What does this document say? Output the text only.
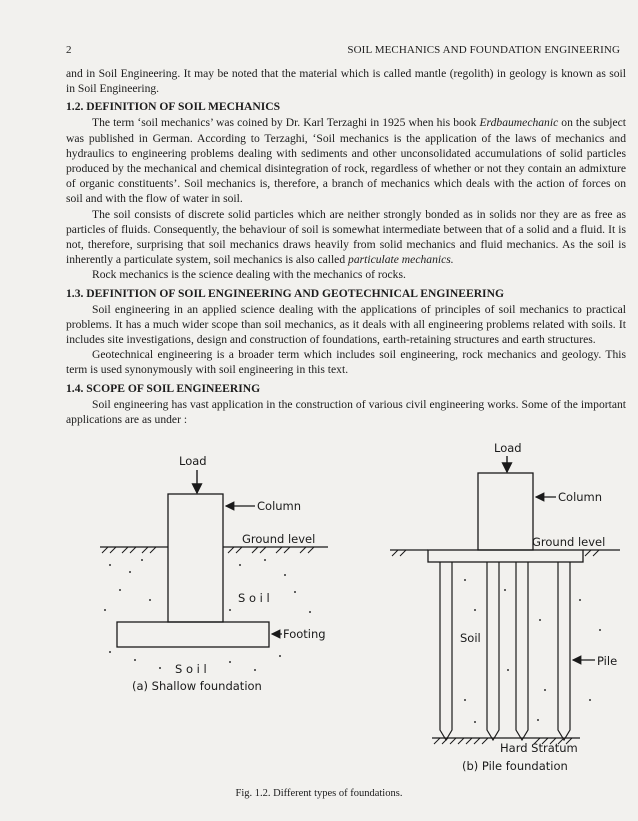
2	SOIL MECHANICS AND FOUNDATION ENGINEERING

and in Soil Engineering. It may be noted that the material which is called mantle (regolith) in geology is known as soil in Soil Engineering.

1.2. DEFINITION OF SOIL MECHANICS

The term ‘soil mechanics’ was coined by Dr. Karl Terzaghi in 1925 when his book Erdbaumechanic on the subject was published in German. According to Terzaghi, ‘Soil mechanics is the application of the laws of mechanics and hydraulics to engineering problems dealing with sediments and other unconsolidated accumulations of solid particles produced by the mechanical and chemical disintegration of rock, regardless of whether or not they contain an admixture of organic constituents’. Soil mechanics is, therefore, a branch of mechanics which deals with the action of forces on soil and with the flow of water in soil.

The soil consists of discrete solid particles which are neither strongly bonded as in solids nor they are as free as particles of fluids. Consequently, the behaviour of soil is somewhat intermediate between that of a solid and a fluid. It is not, therefore, surprising that soil mechanics draws heavily from solid mechanics and fluid mechanics. As the soil is inherently a particulate system, soil mechanics is also called particulate mechanics.

Rock mechanics is the science dealing with the mechanics of rocks.

1.3. DEFINITION OF SOIL ENGINEERING AND GEOTECHNICAL ENGINEERING

Soil engineering in an applied science dealing with the applications of principles of soil mechanics to practical problems. It has a much wider scope than soil mechanics, as it deals with all engineering problems related with soils. It includes site investigations, design and construction of foundations, earth-retaining structures and earth structures.

Geotechnical engineering is a broader term which includes soil engineering, rock mechanics and geology. This term is used synonymously with soil engineering in this text.

1.4. SCOPE OF SOIL ENGINEERING

Soil engineering has vast application in the construction of various civil engineering works. Some of the important applications are as under :

Load
Column
Ground level
S o i l
Footing
S o i l
(a) Shallow foundation
Load
Column
Ground level
Soil
Pile
Hard Stratum
(b) Pile foundation
Fig. 1.2. Different types of foundations.
